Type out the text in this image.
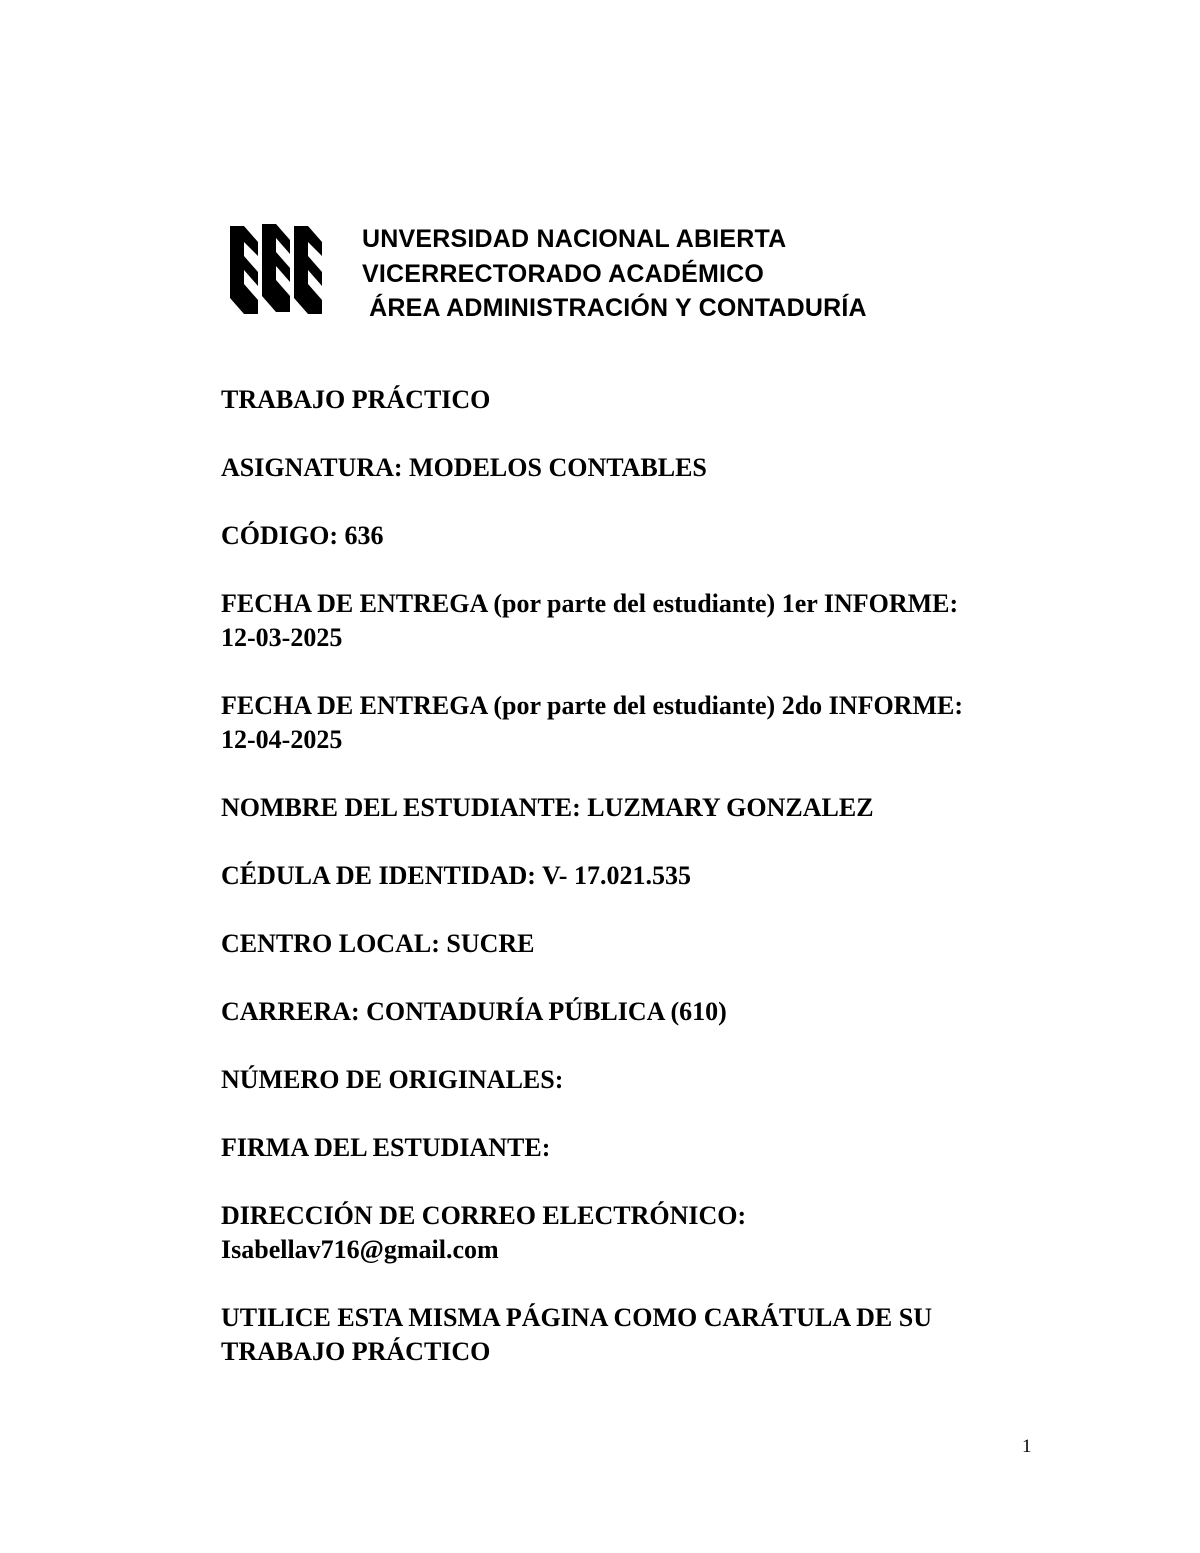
UNVERSIDAD NACIONAL ABIERTA
VICERRECTORADO ACADÉMICO
ÁREA ADMINISTRACIÓN Y CONTADURÍA

TRABAJO PRÁCTICO

ASIGNATURA: MODELOS CONTABLES

CÓDIGO: 636

FECHA DE ENTREGA (por parte del estudiante) 1er INFORME:

12-03-2025

FECHA DE ENTREGA (por parte del estudiante) 2do INFORME:

12-04-2025

NOMBRE DEL ESTUDIANTE: LUZMARY GONZALEZ

CÉDULA DE IDENTIDAD: V- 17.021.535

CENTRO LOCAL: SUCRE

CARRERA: CONTADURÍA PÚBLICA (610)

NÚMERO DE ORIGINALES:

FIRMA DEL ESTUDIANTE:

DIRECCIÓN DE CORREO ELECTRÓNICO:

Isabellav716@gmail.com

UTILICE ESTA MISMA PÁGINA COMO CARÁTULA DE SU

TRABAJO PRÁCTICO

1
